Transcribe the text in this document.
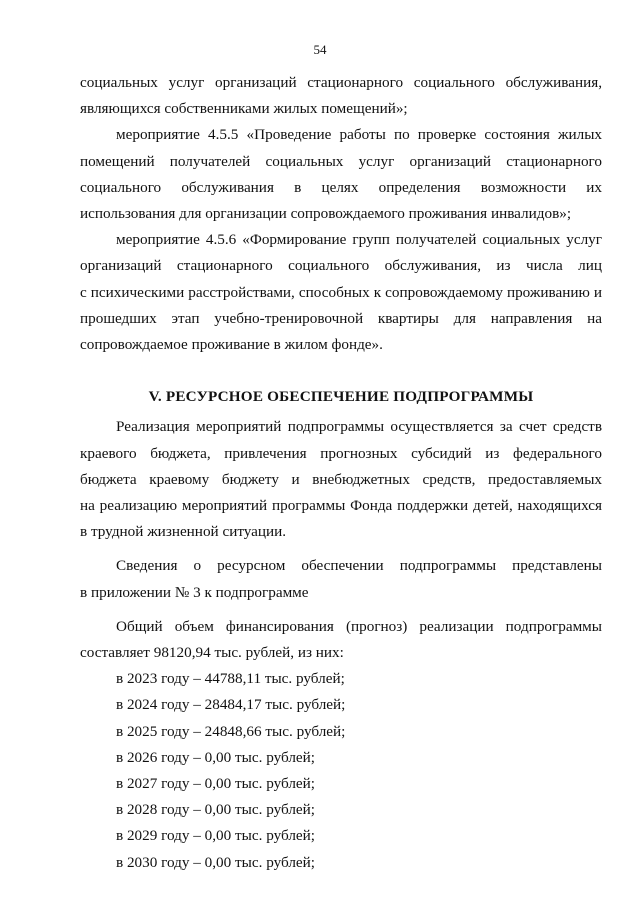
54
социальных услуг организаций стационарного социального обслуживания,
являющихся собственниками жилых помещений»;
мероприятие 4.5.5 «Проведение работы по проверке состояния жилых
помещений получателей социальных услуг организаций стационарного
социального обслуживания в целях определения возможности их
использования для организации сопровождаемого проживания инвалидов»;
мероприятие 4.5.6 «Формирование групп получателей социальных услуг
организаций стационарного социального обслуживания, из числа лиц
с психическими расстройствами, способных к сопровождаемому проживанию и
прошедших этап учебно-тренировочной квартиры для направления на
сопровождаемое проживание в жилом фонде».
V. РЕСУРСНОЕ ОБЕСПЕЧЕНИЕ ПОДПРОГРАММЫ
Реализация мероприятий подпрограммы осуществляется за счет средств
краевого бюджета, привлечения прогнозных субсидий из федерального
бюджета краевому бюджету и внебюджетных средств, предоставляемых
на реализацию мероприятий программы Фонда поддержки детей, находящихся
в трудной жизненной ситуации.
Сведения о ресурсном обеспечении подпрограммы представлены
в приложении № 3 к подпрограмме
Общий объем финансирования (прогноз) реализации подпрограммы
составляет 98120,94 тыс. рублей, из них:
в 2023 году – 44788,11 тыс. рублей;
в 2024 году – 28484,17 тыс. рублей;
в 2025 году – 24848,66 тыс. рублей;
в 2026 году – 0,00 тыс. рублей;
в 2027 году – 0,00 тыс. рублей;
в 2028 году – 0,00 тыс. рублей;
в 2029 году – 0,00 тыс. рублей;
в 2030 году – 0,00 тыс. рублей;
